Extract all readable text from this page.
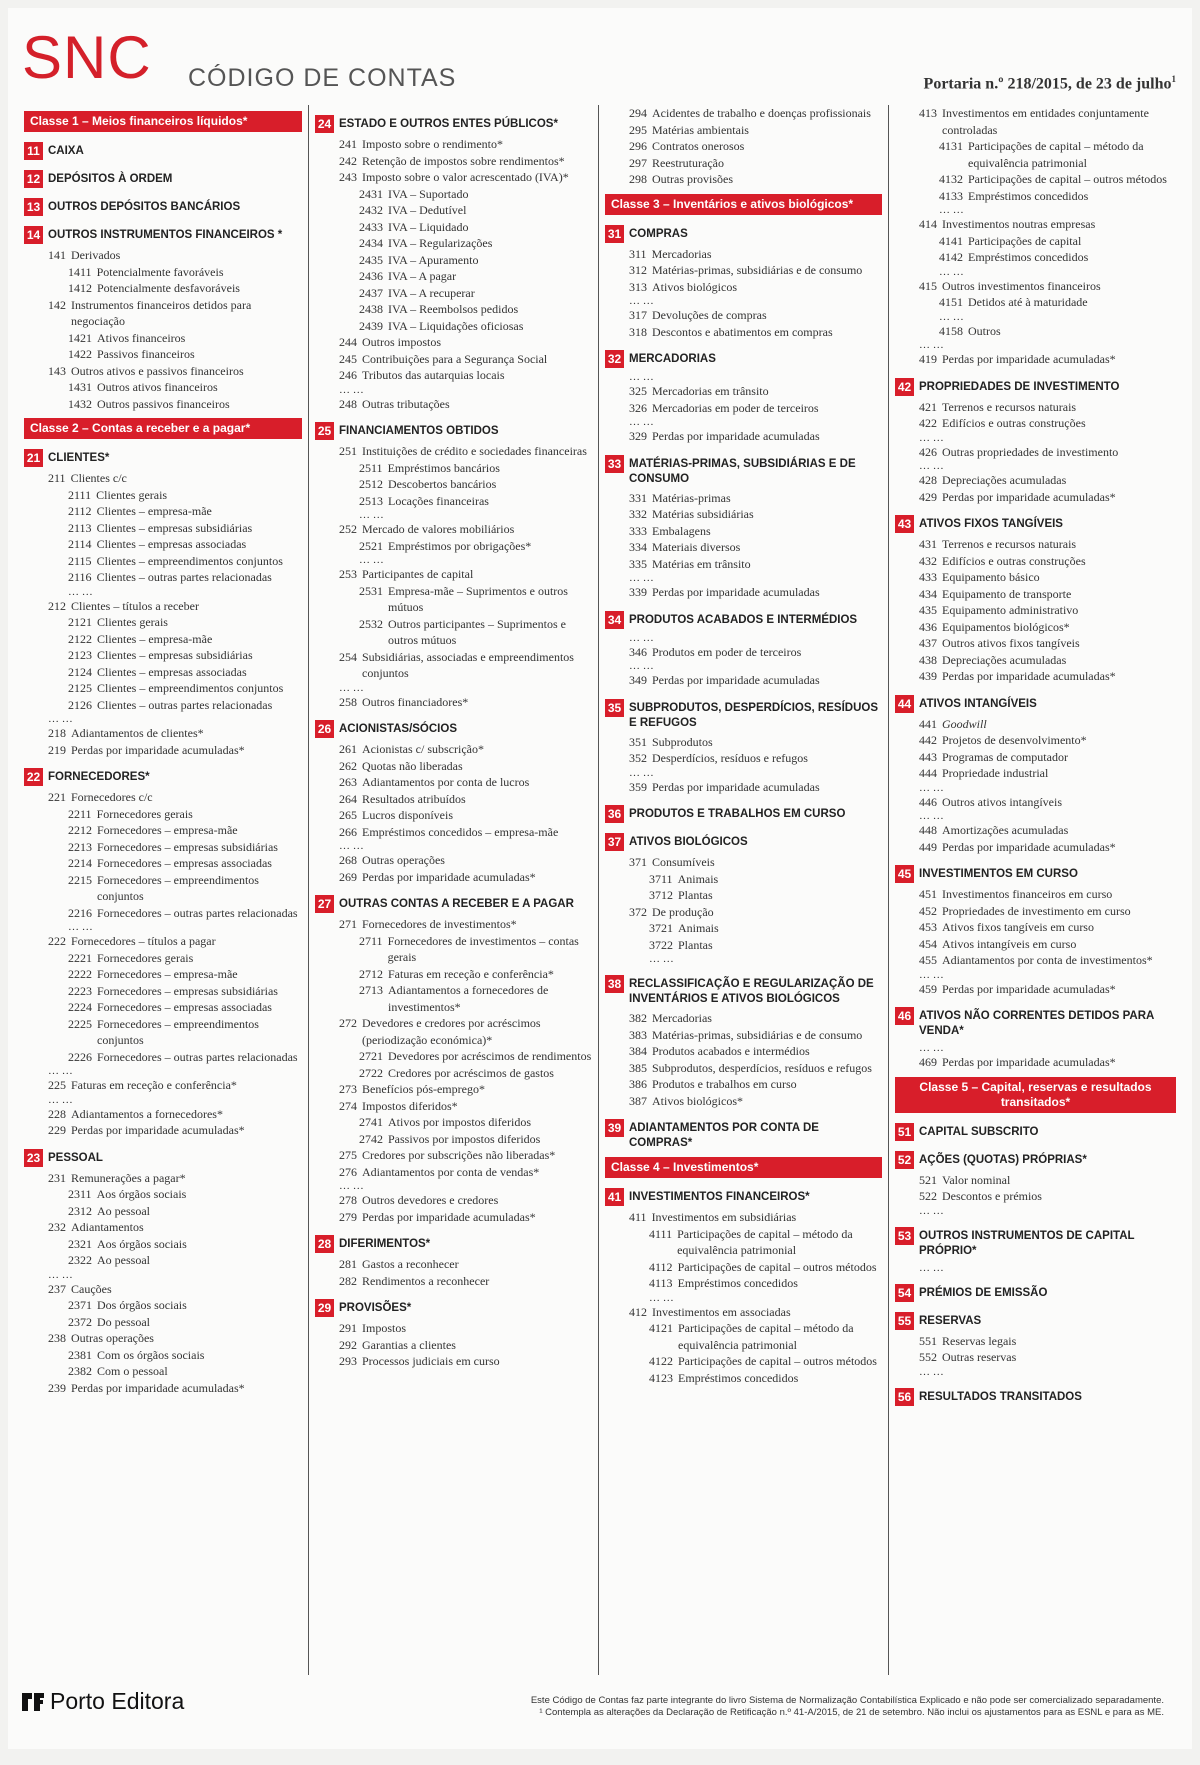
SNC CÓDIGO DE CONTAS	Portaria n.º 218/2015, de 23 de julho$^1$
Classe 1 – Meios financeiros líquidos*
11 CAIXA
12 DEPÓSITOS À ORDEM
13 OUTROS DEPÓSITOS BANCÁRIOS
14 OUTROS INSTRUMENTOS FINANCEIROS *
141 Derivados
1411 Potencialmente favoráveis
1412 Potencialmente desfavoráveis
142 Instrumentos financeiros detidos para negociação
1421 Ativos financeiros
1422 Passivos financeiros
143 Outros ativos e passivos financeiros
1431 Outros ativos financeiros
1432 Outros passivos financeiros
Classe 2 – Contas a receber e a pagar*
21 CLIENTES*
211 Clientes c/c
2111 Clientes gerais
2112 Clientes – empresa-mãe
2113 Clientes – empresas subsidiárias
2114 Clientes – empresas associadas
2115 Clientes – empreendimentos conjuntos
2116 Clientes – outras partes relacionadas
… …
212 Clientes – títulos a receber
2121 Clientes gerais
2122 Clientes – empresa-mãe
2123 Clientes – empresas subsidiárias
2124 Clientes – empresas associadas
2125 Clientes – empreendimentos conjuntos
2126 Clientes – outras partes relacionadas
… …
218 Adiantamentos de clientes*
219 Perdas por imparidade acumuladas*
22 FORNECEDORES*
221 Fornecedores c/c
2211 Fornecedores gerais
2212 Fornecedores – empresa-mãe
2213 Fornecedores – empresas subsidiárias
2214 Fornecedores – empresas associadas
2215 Fornecedores – empreendimentos conjuntos
2216 Fornecedores – outras partes relacionadas
… …
222 Fornecedores – títulos a pagar
2221 Fornecedores gerais
2222 Fornecedores – empresa-mãe
2223 Fornecedores – empresas subsidiárias
2224 Fornecedores – empresas associadas
2225 Fornecedores – empreendimentos conjuntos
2226 Fornecedores – outras partes relacionadas
… …
225 Faturas em receção e conferência*
… …
228 Adiantamentos a fornecedores*
229 Perdas por imparidade acumuladas*
23 PESSOAL
231 Remunerações a pagar*
2311 Aos órgãos sociais
2312 Ao pessoal
232 Adiantamentos
2321 Aos órgãos sociais
2322 Ao pessoal
… …
237 Cauções
2371 Dos órgãos sociais
2372 Do pessoal
238 Outras operações
2381 Com os órgãos sociais
2382 Com o pessoal
239 Perdas por imparidade acumuladas*
24 ESTADO E OUTROS ENTES PÚBLICOS*
241 Imposto sobre o rendimento*
242 Retenção de impostos sobre rendimentos*
243 Imposto sobre o valor acrescentado (IVA)*
2431 IVA – Suportado
2432 IVA – Dedutível
2433 IVA – Liquidado
2434 IVA – Regularizações
2435 IVA – Apuramento
2436 IVA – A pagar
2437 IVA – A recuperar
2438 IVA – Reembolsos pedidos
2439 IVA – Liquidações oficiosas
244 Outros impostos
245 Contribuições para a Segurança Social
246 Tributos das autarquias locais
… …
248 Outras tributações
25 FINANCIAMENTOS OBTIDOS
251 Instituições de crédito e sociedades financeiras
2511 Empréstimos bancários
2512 Descobertos bancários
2513 Locações financeiras
… …
252 Mercado de valores mobiliários
2521 Empréstimos por obrigações*
… …
253 Participantes de capital
2531 Empresa-mãe – Suprimentos e outros mútuos
2532 Outros participantes – Suprimentos e outros mútuos
254 Subsidiárias, associadas e empreendimentos conjuntos
… …
258 Outros financiadores*
26 ACIONISTAS/SÓCIOS
261 Acionistas c/ subscrição*
262 Quotas não liberadas
263 Adiantamentos por conta de lucros
264 Resultados atribuídos
265 Lucros disponíveis
266 Empréstimos concedidos – empresa-mãe
… …
268 Outras operações
269 Perdas por imparidade acumuladas*
27 OUTRAS CONTAS A RECEBER E A PAGAR
271 Fornecedores de investimentos*
2711 Fornecedores de investimentos – contas gerais
2712 Faturas em receção e conferência*
2713 Adiantamentos a fornecedores de investimentos*
272 Devedores e credores por acréscimos (periodização económica)*
2721 Devedores por acréscimos de rendimentos
2722 Credores por acréscimos de gastos
273 Benefícios pós-emprego*
274 Impostos diferidos*
2741 Ativos por impostos diferidos
2742 Passivos por impostos diferidos
275 Credores por subscrições não liberadas*
276 Adiantamentos por conta de vendas*
… …
278 Outros devedores e credores
279 Perdas por imparidade acumuladas*
28 DIFERIMENTOS*
281 Gastos a reconhecer
282 Rendimentos a reconhecer
29 PROVISÕES*
291 Impostos
292 Garantias a clientes
293 Processos judiciais em curso
294 Acidentes de trabalho e doenças profissionais
295 Matérias ambientais
296 Contratos onerosos
297 Reestruturação
298 Outras provisões
Classe 3 – Inventários e ativos biológicos*
31 COMPRAS
311 Mercadorias
312 Matérias-primas, subsidiárias e de consumo
313 Ativos biológicos
… …
317 Devoluções de compras
318 Descontos e abatimentos em compras
32 MERCADORIAS
… …
325 Mercadorias em trânsito
326 Mercadorias em poder de terceiros
… …
329 Perdas por imparidade acumuladas
33 MATÉRIAS-PRIMAS, SUBSIDIÁRIAS E DE CONSUMO
331 Matérias-primas
332 Matérias subsidiárias
333 Embalagens
334 Materiais diversos
335 Matérias em trânsito
… …
339 Perdas por imparidade acumuladas
34 PRODUTOS ACABADOS E INTERMÉDIOS
… …
346 Produtos em poder de terceiros
… …
349 Perdas por imparidade acumuladas
35 SUBPRODUTOS, DESPERDÍCIOS, RESÍDUOS E REFUGOS
351 Subprodutos
352 Desperdícios, resíduos e refugos
… …
359 Perdas por imparidade acumuladas
36 PRODUTOS E TRABALHOS EM CURSO
37 ATIVOS BIOLÓGICOS
371 Consumíveis
3711 Animais
3712 Plantas
372 De produção
3721 Animais
3722 Plantas
… …
38 RECLASSIFICAÇÃO E REGULARIZAÇÃO DE INVENTÁRIOS E ATIVOS BIOLÓGICOS
382 Mercadorias
383 Matérias-primas, subsidiárias e de consumo
384 Produtos acabados e intermédios
385 Subprodutos, desperdícios, resíduos e refugos
386 Produtos e trabalhos em curso
387 Ativos biológicos*
39 ADIANTAMENTOS POR CONTA DE COMPRAS*
Classe 4 – Investimentos*
41 INVESTIMENTOS FINANCEIROS*
411 Investimentos em subsidiárias
4111 Participações de capital – método da equivalência patrimonial
4112 Participações de capital – outros métodos
4113 Empréstimos concedidos
… …
412 Investimentos em associadas
4121 Participações de capital – método da equivalência patrimonial
4122 Participações de capital – outros métodos
4123 Empréstimos concedidos
413 Investimentos em entidades conjuntamente controladas
4131 Participações de capital – método da equivalência patrimonial
4132 Participações de capital – outros métodos
4133 Empréstimos concedidos
… …
414 Investimentos noutras empresas
4141 Participações de capital
4142 Empréstimos concedidos
… …
415 Outros investimentos financeiros
4151 Detidos até à maturidade
… …
4158 Outros
… …
419 Perdas por imparidade acumuladas*
42 PROPRIEDADES DE INVESTIMENTO
421 Terrenos e recursos naturais
422 Edifícios e outras construções
… …
426 Outras propriedades de investimento
… …
428 Depreciações acumuladas
429 Perdas por imparidade acumuladas*
43 ATIVOS FIXOS TANGÍVEIS
431 Terrenos e recursos naturais
432 Edifícios e outras construções
433 Equipamento básico
434 Equipamento de transporte
435 Equipamento administrativo
436 Equipamentos biológicos*
437 Outros ativos fixos tangíveis
438 Depreciações acumuladas
439 Perdas por imparidade acumuladas*
44 ATIVOS INTANGÍVEIS
441 Goodwill
442 Projetos de desenvolvimento*
443 Programas de computador
444 Propriedade industrial
… …
446 Outros ativos intangíveis
… …
448 Amortizações acumuladas
449 Perdas por imparidade acumuladas*
45 INVESTIMENTOS EM CURSO
451 Investimentos financeiros em curso
452 Propriedades de investimento em curso
453 Ativos fixos tangíveis em curso
454 Ativos intangíveis em curso
455 Adiantamentos por conta de investimentos*
… …
459 Perdas por imparidade acumuladas*
46 ATIVOS NÃO CORRENTES DETIDOS PARA VENDA*
… …
469 Perdas por imparidade acumuladas*
Classe 5 – Capital, reservas e resultados transitados*
51 CAPITAL SUBSCRITO
52 AÇÕES (QUOTAS) PRÓPRIAS*
521 Valor nominal
522 Descontos e prémios
… …
53 OUTROS INSTRUMENTOS DE CAPITAL PRÓPRIO*
… …
54 PRÉMIOS DE EMISSÃO
55 RESERVAS
551 Reservas legais
552 Outras reservas
… …
56 RESULTADOS TRANSITADOS
Porto Editora	Este Código de Contas faz parte integrante do livro Sistema de Normalização Contabilística Explicado e não pode ser comercializado separadamente.
¹ Contempla as alterações da Declaração de Retificação n.º 41-A/2015, de 21 de setembro. Não inclui os ajustamentos para as ESNL e para as ME.
